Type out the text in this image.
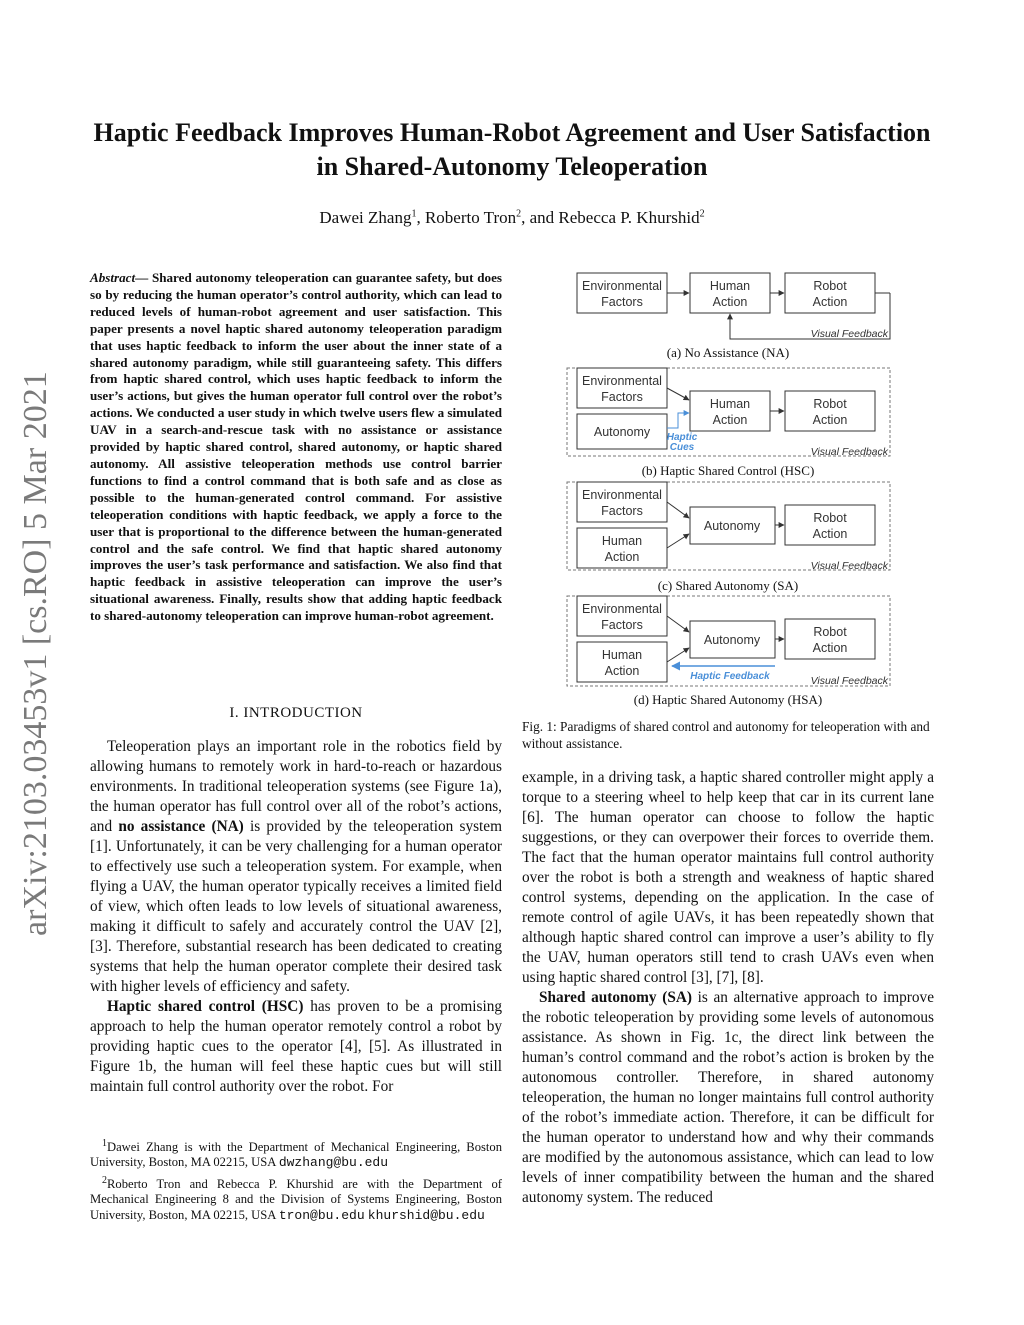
arXiv:2103.03453v1 [cs.RO] 5 Mar 2021
Haptic Feedback Improves Human-Robot Agreement and User Satisfaction in Shared-Autonomy Teleoperation
Dawei Zhang$^1$, Roberto Tron$^2$, and Rebecca P. Khurshid$^2$
Abstract— Shared autonomy teleoperation can guarantee safety, but does so by reducing the human operator’s control authority, which can lead to reduced levels of human-robot agreement and user satisfaction. This paper presents a novel haptic shared autonomy teleoperation paradigm that uses haptic feedback to inform the user about the inner state of a shared autonomy paradigm, while still guaranteeing safety. This differs from haptic shared control, which uses haptic feedback to inform the user’s actions, but gives the human operator full control over the robot’s actions. We conducted a user study in which twelve users flew a simulated UAV in a search-and-rescue task with no assistance or assistance provided by haptic shared control, shared autonomy, or haptic shared autonomy. All assistive teleoperation methods use control barrier functions to find a control command that is both safe and as close as possible to the human-generated control command. For assistive teleoperation conditions with haptic feedback, we apply a force to the user that is proportional to the difference between the human-generated control and the safe control. We find that haptic shared autonomy improves the user’s task performance and satisfaction. We also find that haptic feedback in assistive teleoperation can improve the user’s situational awareness. Finally, results show that adding haptic feedback to shared-autonomy teleoperation can improve human-robot agreement.
I. INTRODUCTION

Teleoperation plays an important role in the robotics field by allowing humans to remotely work in hard-to-reach or hazardous environments. In traditional teleoperation systems (see Figure 1a), the human operator has full control over all of the robot’s actions, and no assistance (NA) is provided by the teleoperation system [1]. Unfortunately, it can be very challenging for a human operator to effectively use such a teleoperation system. For example, when flying a UAV, the human operator typically receives a limited field of view, which often leads to low levels of situational awareness, making it difficult to safely and accurately control the UAV [2], [3]. Therefore, substantial research has been dedicated to creating systems that help the human operator complete their desired task with higher levels of efficiency and safety.

Haptic shared control (HSC) has proven to be a promising approach to help the human operator remotely control a robot by providing haptic cues to the operator [4], [5]. As illustrated in Figure 1b, the human will feel these haptic cues but will still maintain full control authority over the robot. For

$^1$Dawei Zhang is with the Department of Mechanical Engineering, Boston University, Boston, MA 02215, USA dwzhang@bu.edu

$^2$Roberto Tron and Rebecca P. Khurshid are with the Department of Mechanical Engineering 8 and the Division of Systems Engineering, Boston University, Boston, MA 02215, USA tron@bu.edu khurshid@bu.edu

Environmental
Factors
Human
Action
Robot
Action
Visual Feedback
(a) No Assistance (NA)
Environmental
Factors
Autonomy
Human
Action
Robot
Action
Haptic
Cues	Visual Feedback
(b) Haptic Shared Control (HSC)
Environmental
Factors
Human
Action
Autonomy
Robot
Action
Visual Feedback
(c) Shared Autonomy (SA)
Environmental
Factors
Human
Action
Autonomy
Robot
Action
Haptic Feedback	Visual Feedback
(d) Haptic Shared Autonomy (HSA)
Fig. 1: Paradigms of shared control and autonomy for teleoperation with and without assistance.

example, in a driving task, a haptic shared controller might apply a torque to a steering wheel to help keep that car in its current lane [6]. The human operator can choose to follow the haptic suggestions, or they can overpower their forces to override them. The fact that the human operator maintains full control authority over the robot is both a strength and weakness of haptic shared control systems, depending on the application. In the case of remote control of agile UAVs, it has been repeatedly shown that although haptic shared control can improve a user’s ability to fly the UAV, human operators still tend to crash UAVs even when using haptic shared control [3], [7], [8].

Shared autonomy (SA) is an alternative approach to improve the robotic teleoperation by providing some levels of autonomous assistance. As shown in Fig. 1c, the direct link between the human’s control command and the robot’s action is broken by the autonomous controller. Therefore, in shared autonomy teleoperation, the human no longer maintains full control authority of the robot’s immediate action. Therefore, it can be difficult for the human operator to understand how and why their commands are modified by the autonomous assistance, which can lead to low levels of inner compatibility between the human and the shared autonomy system. The reduced
